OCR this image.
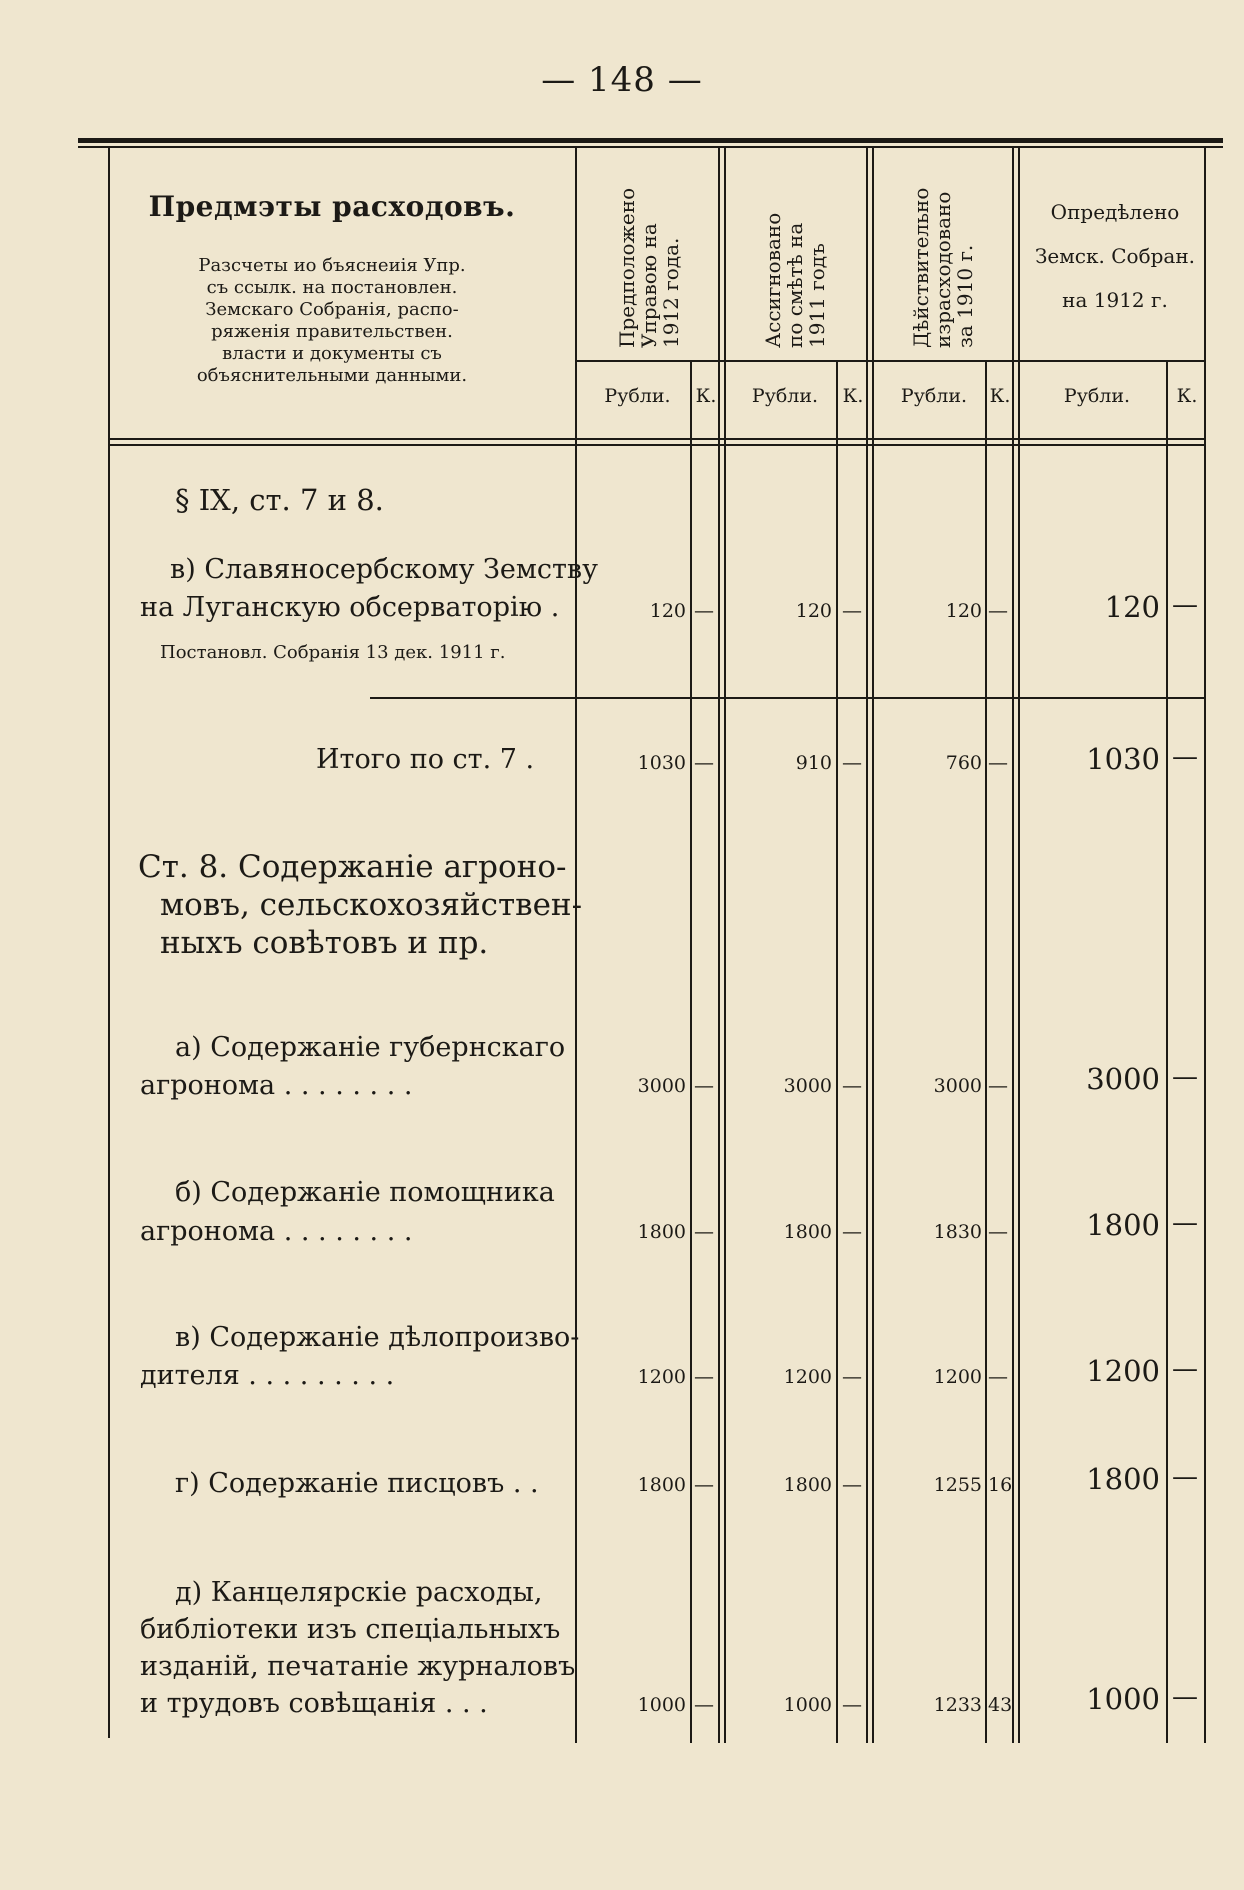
— 148 —
Предмэты расходовъ.
Разсчеты ио бъяснеиія Упр.
съ ссылк. на постановлен.
Земскаго Собранія, распо-
ряженія правительствен.
власти и документы съ
объяснительными данными.
Предположено
Управою на
1912 года.	Ассигновано
по смѣтѣ на
1911 годъ	Дѣйствительно
израсходовано
за 1910 г.
Опредѣлено
Земск. Собран.
на 1912 г.
Рубли.	К.	Рубли.	К.	Рубли.	К.	Рубли.	К.
§ IX, ст. 7 и 8.
в) Славяносербскому Земству
на Луганскую обсерваторію .
Постановл. Собранія 13 дек. 1911 г.
120 —	120 —	120 —	120 —
Итого по ст. 7 .	1030 —	910 —	760 —	1030 —
Ст. 8. Содержаніе агроно-
мовъ, сельскохозяйствен-
ныхъ совѣтовъ и пр.
а) Содержаніе губернскаго
агронома . . . . . . . .	3000 —	3000 —	3000 —	3000 —
б) Содержаніе помощника
агронома . . . . . . . .	1800 —	1800 —	1830 —	1800 —
в) Содержаніе дѣлопроизво-
дителя . . . . . . . . .	1200 —	1200 —	1200 —	1200 —
г) Содержаніе писцовъ . .	1800 —	1800 —	1255 16	1800 —
д) Канцелярскіе расходы,
библіотеки изъ спеціальныхъ
изданій, печатаніе журналовъ
и трудовъ совѣщанія . . .	1000 —	1000 —	1233 43	1000 —
